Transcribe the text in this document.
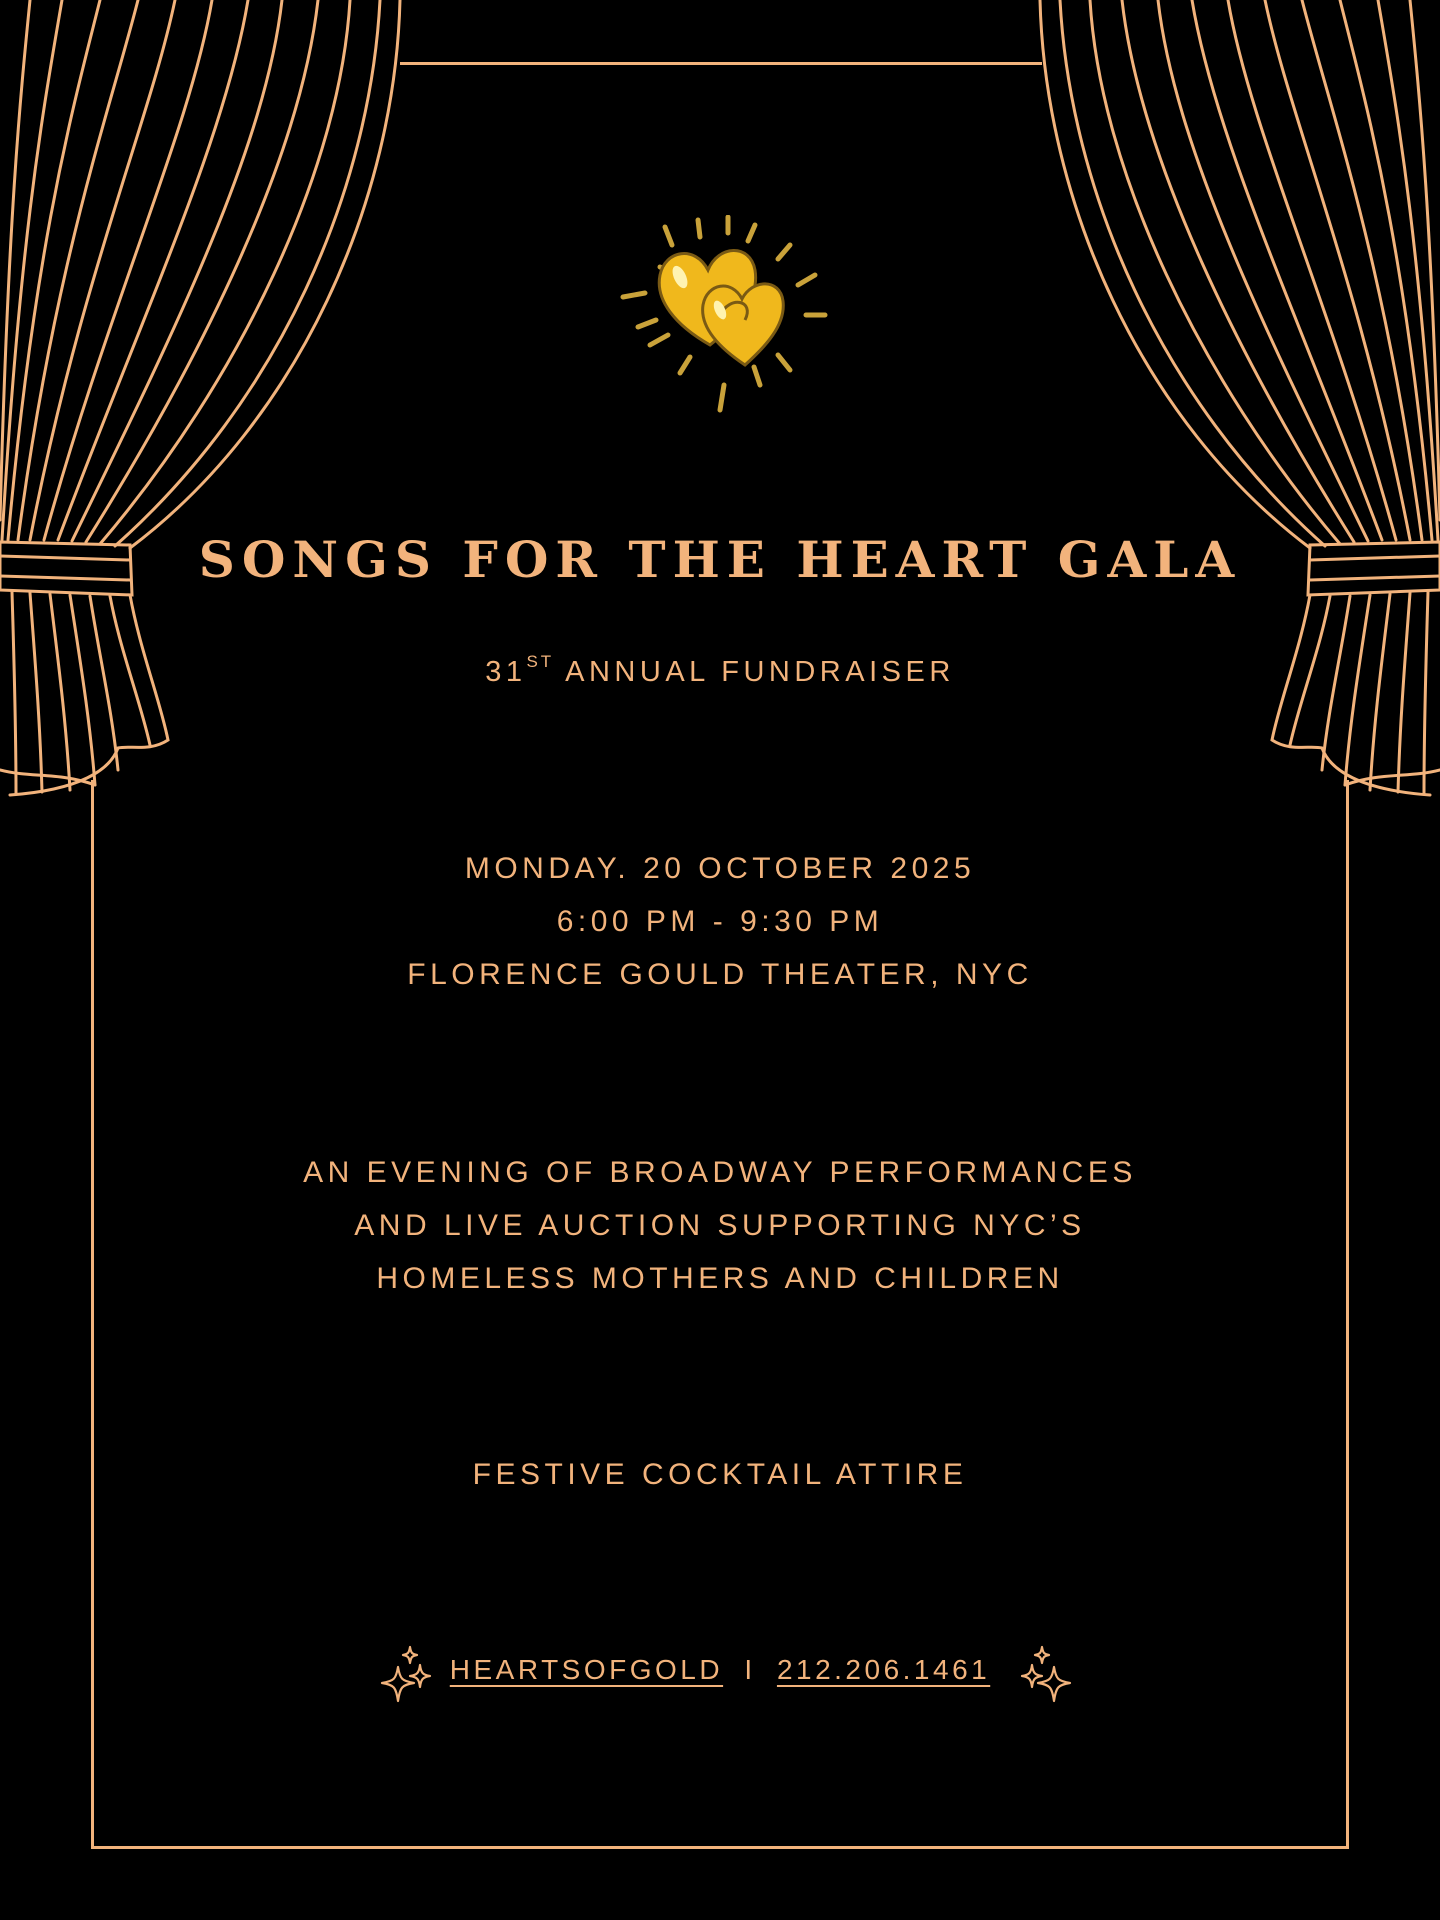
SONGS FOR THE HEART GALA

31ST ANNUAL FUNDRAISER

MONDAY. 20 OCTOBER 2025

6:00 PM - 9:30 PM

FLORENCE GOULD THEATER, NYC

AN EVENING OF BROADWAY PERFORMANCES

AND LIVE AUCTION SUPPORTING NYC’S

HOMELESS MOTHERS AND CHILDREN

FESTIVE COCKTAIL ATTIRE

HEARTSOFGOLD I 212.206.1461
